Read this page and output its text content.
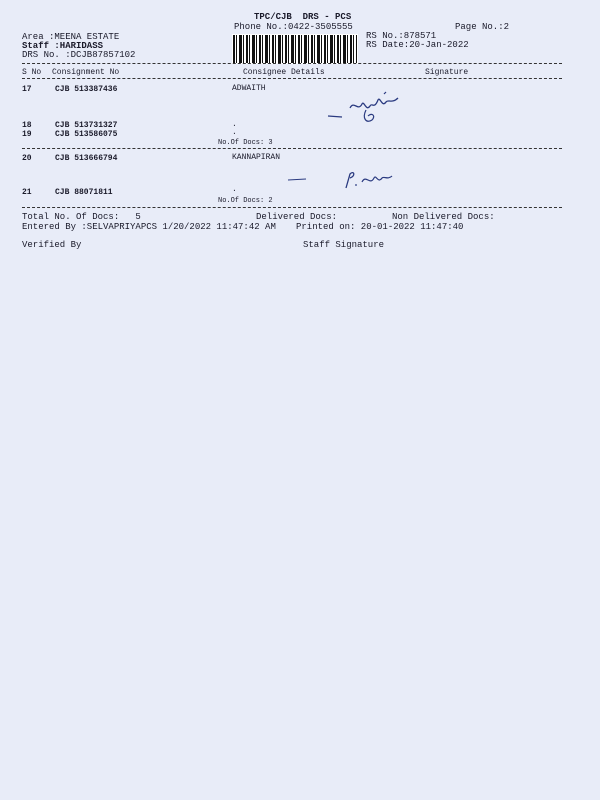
TPC/CJB  DRS - PCS
Phone No.:0422-3505555	Page No.:2
Area :MEENA ESTATE
Staff :HARIDASS
DRS No. :DCJB87857102
RS No.:878571
RS Date:20-Jan-2022
S No Consignment No	Consignee Details	Signature
17	CJB 513387436	ADWAITH
18	CJB 513731327	.
19	CJB 513586075	.
No.Of Docs: 3
20	CJB 513666794	KANNAPIRAN
21	CJB 88071811	.
No.Of Docs: 2
Total No. Of Docs:   5	Delivered Docs:	Non Delivered Docs:
Entered By :SELVAPRIYAPCS 1/20/2022 11:47:42 AM Printed on: 20-01-2022 11:47:40
Verified By	Staff Signature
